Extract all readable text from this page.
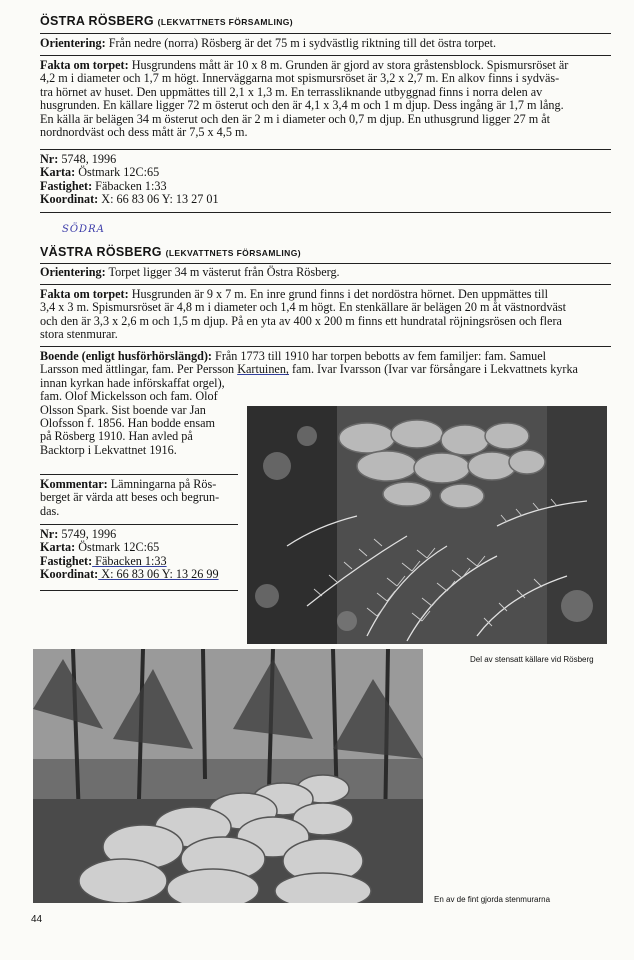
ÖSTRA RÖSBERG (LEKVATTNETS FÖRSAMLING)
Orientering: Från nedre (norra) Rösberg är det 75 m i sydvästlig riktning till det östra torpet.
Fakta om torpet: Husgrundens mått är 10 x 8 m. Grunden är gjord av stora gråstensblock. Spismursröset är
4,2 m i diameter och 1,7 m högt. Innerväggarna mot spismursröset är 3,2 x 2,7 m. En alkov finns i sydväs-
tra hörnet av huset. Den uppmättes till 2,1 x 1,3 m. En terrassliknande utbyggnad finns i norra delen av
husgrunden. En källare ligger 72 m österut och den är 4,1 x 3,4 m och 1 m djup. Dess ingång är 1,7 m lång.
En källa är belägen 34 m österut och den är 2 m i diameter och 0,7 m djup. En uthusgrund ligger 27 m åt
nordnordväst och dess mått är 7,5 x 4,5 m.
Nr: 5748, 1996
Karta: Östmark 12C:65
Fastighet: Fäbacken 1:33
Koordinat: X: 66 83 06 Y: 13 27 01
SÖDRA
VÄSTRA RÖSBERG (LEKVATTNETS FÖRSAMLING)
Orientering: Torpet ligger 34 m västerut från Östra Rösberg.
Fakta om torpet: Husgrunden är 9 x 7 m. En inre grund finns i det nordöstra hörnet. Den uppmättes till
3,4 x 3 m. Spismursröset är 4,8 m i diameter och 1,4 m högt. En stenkällare är belägen 20 m åt västnordväst
och den är 3,3 x 2,6 m och 1,5 m djup. På en yta av 400 x 200 m finns ett hundratal röjningsrösen och flera
stora stenmurar.
Boende (enligt husförhörslängd): Från 1773 till 1910 har torpen bebotts av fem familjer: fam. Samuel
Larsson med ättlingar, fam. Per Persson Kartuinen, fam. Ivar Ivarsson (Ivar var försångare i Lekvattnets kyrka
innan kyrkan hade införskaffat orgel),
fam. Olof Mickelsson och fam. Olof
Olsson Spark. Sist boende var Jan
Olofsson f. 1856. Han bodde ensam
på Rösberg 1910. Han avled på
Backtorp i Lekvattnet 1916.
Kommentar: Lämningarna på Rös-
berget är värda att beses och begrun-
das.
Nr: 5749, 1996
Karta: Östmark 12C:65
Fastighet: Fäbacken 1:33
Koordinat: X: 66 83 06 Y: 13 26 99
Del av stensatt källare vid Rösberg
En av de fint gjorda stenmurarna
44
